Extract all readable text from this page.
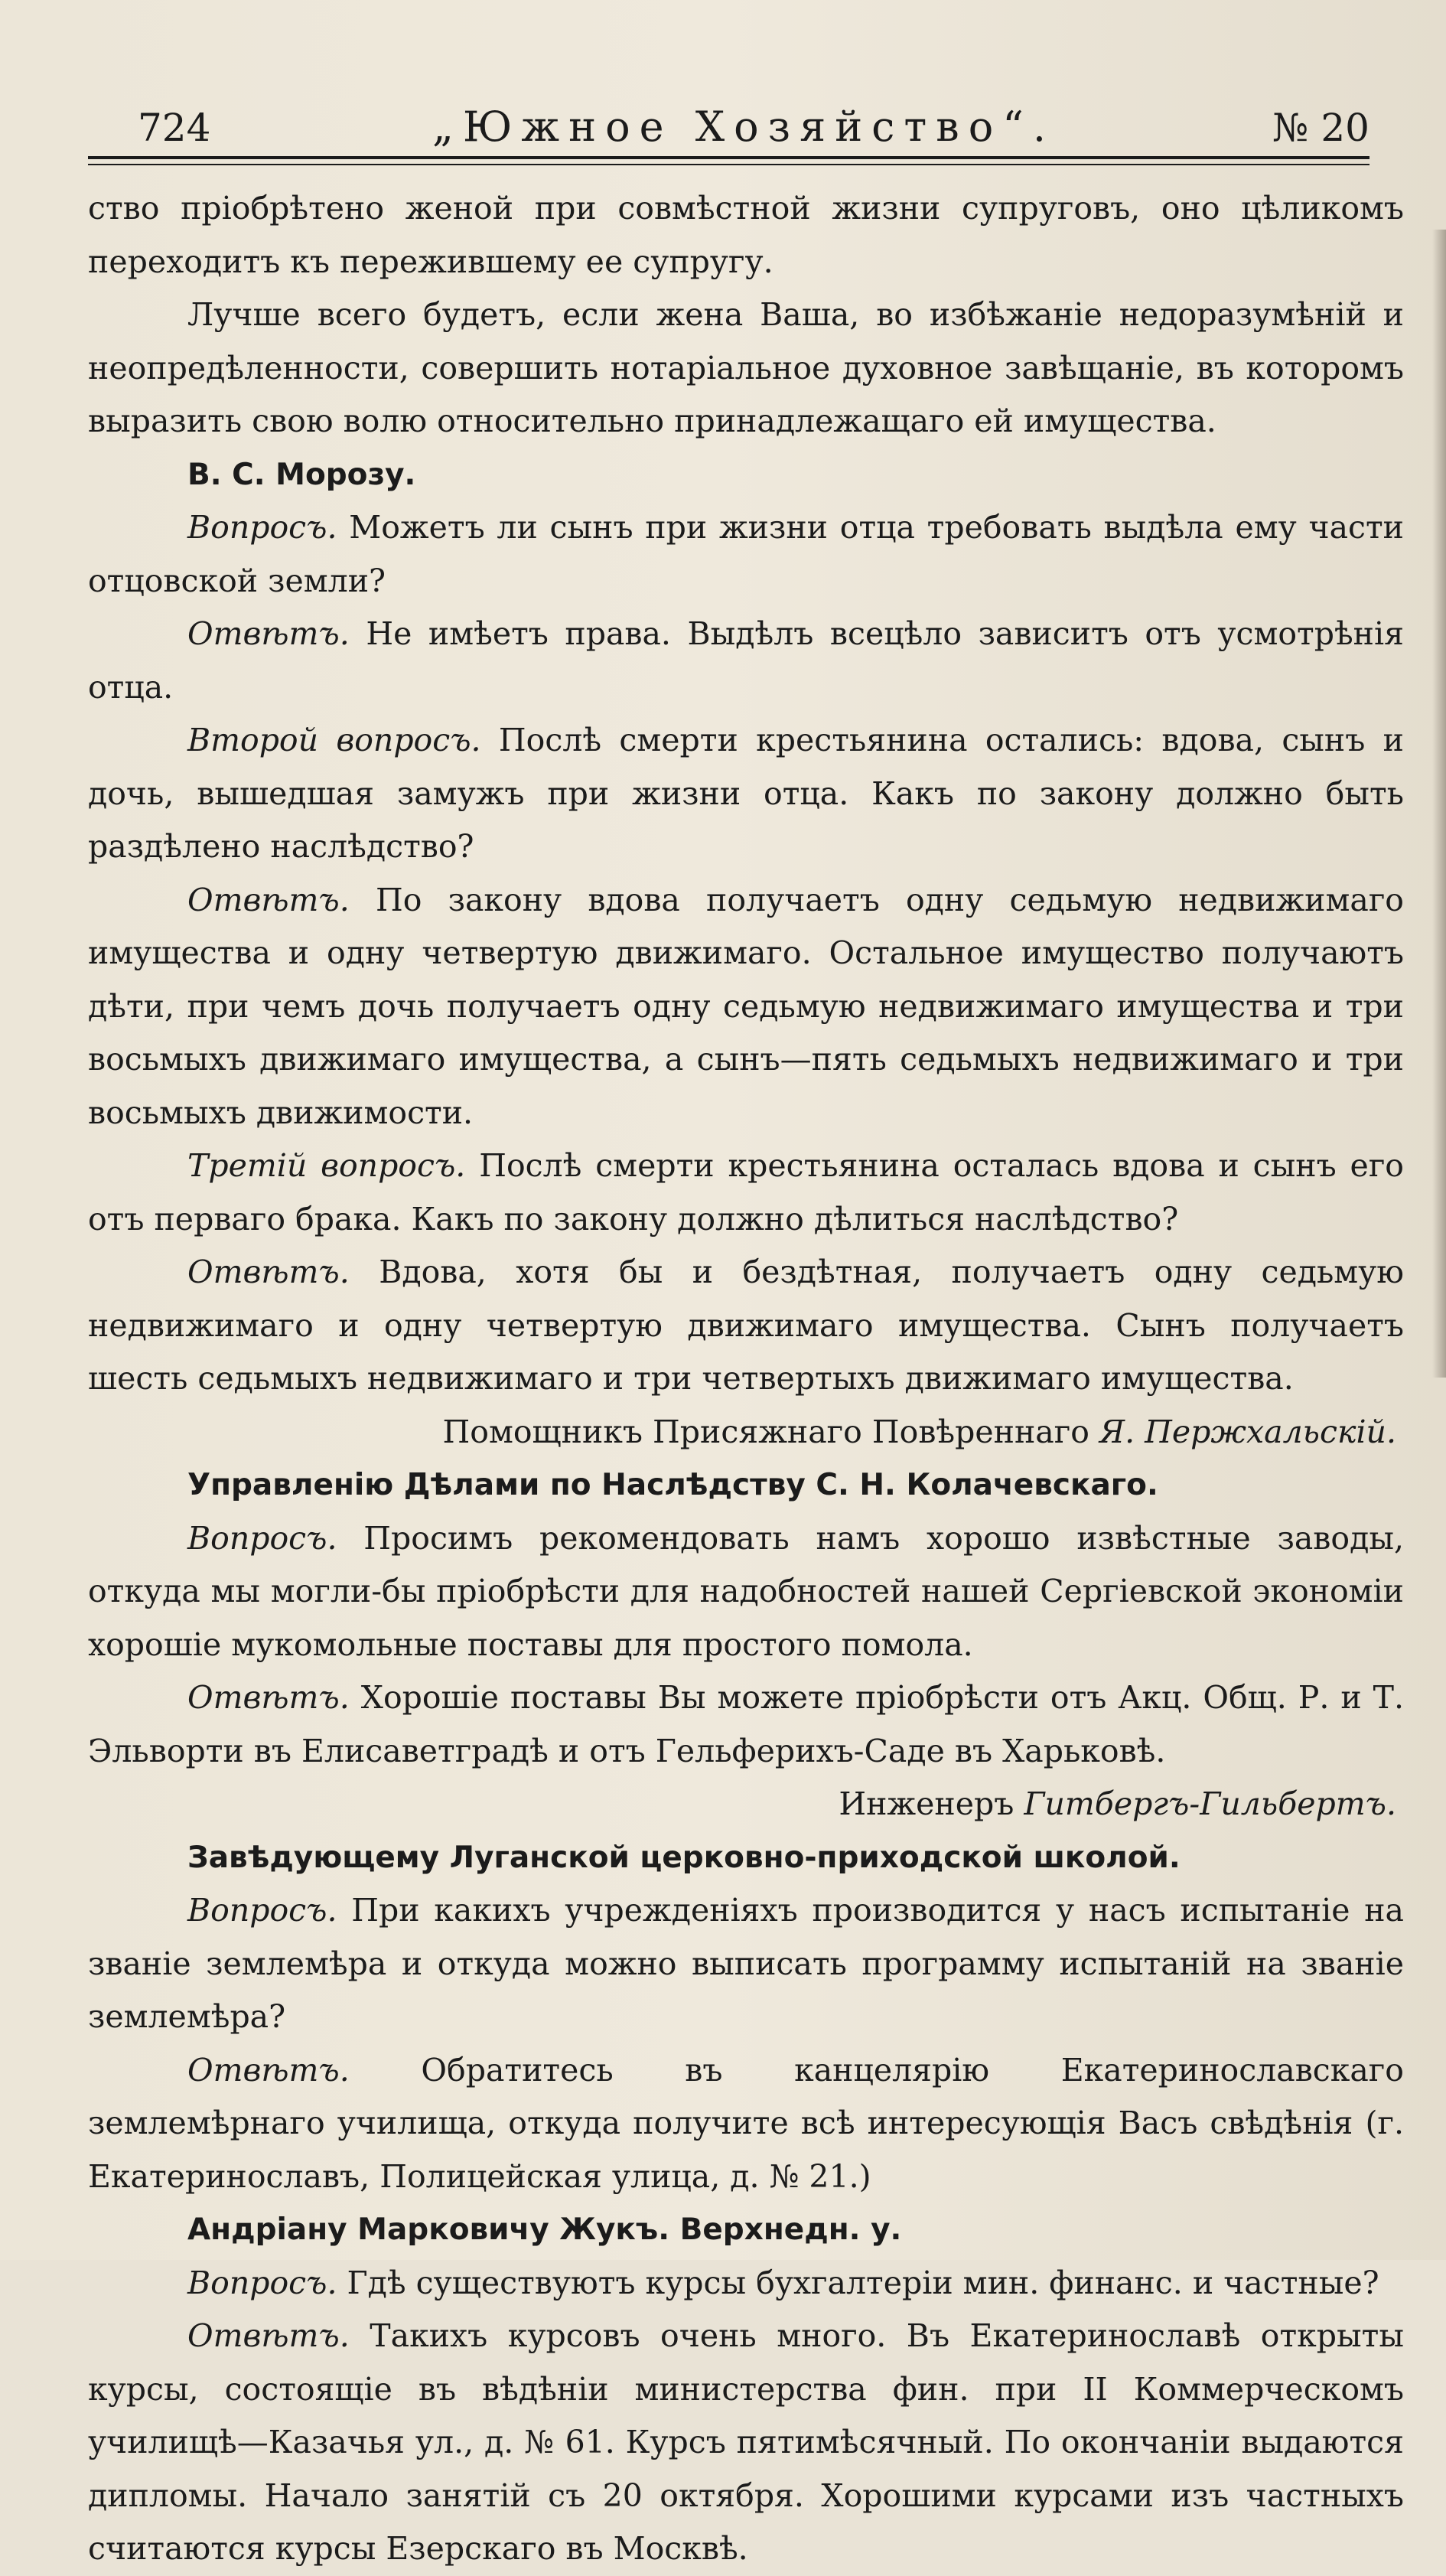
724	„Южное Хозяйство“.	№ 20

ство пріобрѣтено женой при совмѣстной жизни супруговъ, оно цѣликомъ переходитъ къ пережившему ее супругу.

Лучше всего будетъ, если жена Ваша, во избѣжаніе недоразумѣній и неопредѣленности, совершить нотаріальное духовное завѣщаніе, въ которомъ выразить свою волю относительно принадлежащаго ей имущества.

В. С. Морозу.

Вопросъ. Можетъ ли сынъ при жизни отца требовать выдѣла ему части отцовской земли?

Отвѣтъ. Не имѣетъ права. Выдѣлъ всецѣло зависитъ отъ усмотрѣнія отца.

Второй вопросъ. Послѣ смерти крестьянина остались: вдова, сынъ и дочь, вышедшая замужъ при жизни отца. Какъ по закону должно быть раздѣлено наслѣдство?

Отвѣтъ. По закону вдова получаетъ одну седьмую недвижимаго имущества и одну четвертую движимаго. Остальное имущество получаютъ дѣти, при чемъ дочь получаетъ одну седьмую недвижимаго имущества и три восьмыхъ движимаго имущества, а сынъ—пять седьмыхъ недвижимаго и три восьмыхъ движимости.

Третій вопросъ. Послѣ смерти крестьянина осталась вдова и сынъ его отъ перваго брака. Какъ по закону должно дѣлиться наслѣдство?

Отвѣтъ. Вдова, хотя бы и бездѣтная, получаетъ одну седьмую недвижимаго и одну четвертую движимаго имущества. Сынъ получаетъ шесть седьмыхъ недвижимаго и три четвертыхъ движимаго имущества.

Помощникъ Присяжнаго Повѣреннаго Я. Пержхальскій.

Управленію Дѣлами по Наслѣдству С. Н. Колачевскаго.

Вопросъ. Просимъ рекомендовать намъ хорошо извѣстные заводы, откуда мы могли-бы пріобрѣсти для надобностей нашей Сергіевской экономіи хорошіе мукомольные поставы для простого помола.

Отвѣтъ. Хорошіе поставы Вы можете пріобрѣсти отъ Акц. Общ. Р. и Т. Эльворти въ Елисаветградѣ и отъ Гельферихъ-Саде въ Харьковѣ.

Инженеръ Гитбергъ-Гильбертъ.

Завѣдующему Луганской церковно-приходской школой.

Вопросъ. При какихъ учрежденіяхъ производится у насъ испытаніе на званіе землемѣра и откуда можно выписать программу испытаній на званіе землемѣра?

Отвѣтъ. Обратитесь въ канцелярію Екатеринославскаго землемѣрнаго училища, откуда получите всѣ интересующія Васъ свѣдѣнія (г. Екатеринославъ, Полицейская улица, д. № 21.)

Андріану Марковичу Жукъ. Верхнедн. у.

Вопросъ. Гдѣ существуютъ курсы бухгалтеріи мин. финанс. и частные?

Отвѣтъ. Такихъ курсовъ очень много. Въ Екатеринославѣ открыты курсы, состоящіе въ вѣдѣніи министерства фин. при II Коммерческомъ училищѣ—Казачья ул., д. № 61. Курсъ пятимѣсячный. По окончаніи выдаются дипломы. Начало занятій съ 20 октября. Хорошими курсами изъ частныхъ считаются курсы Езерскаго въ Москвѣ.
